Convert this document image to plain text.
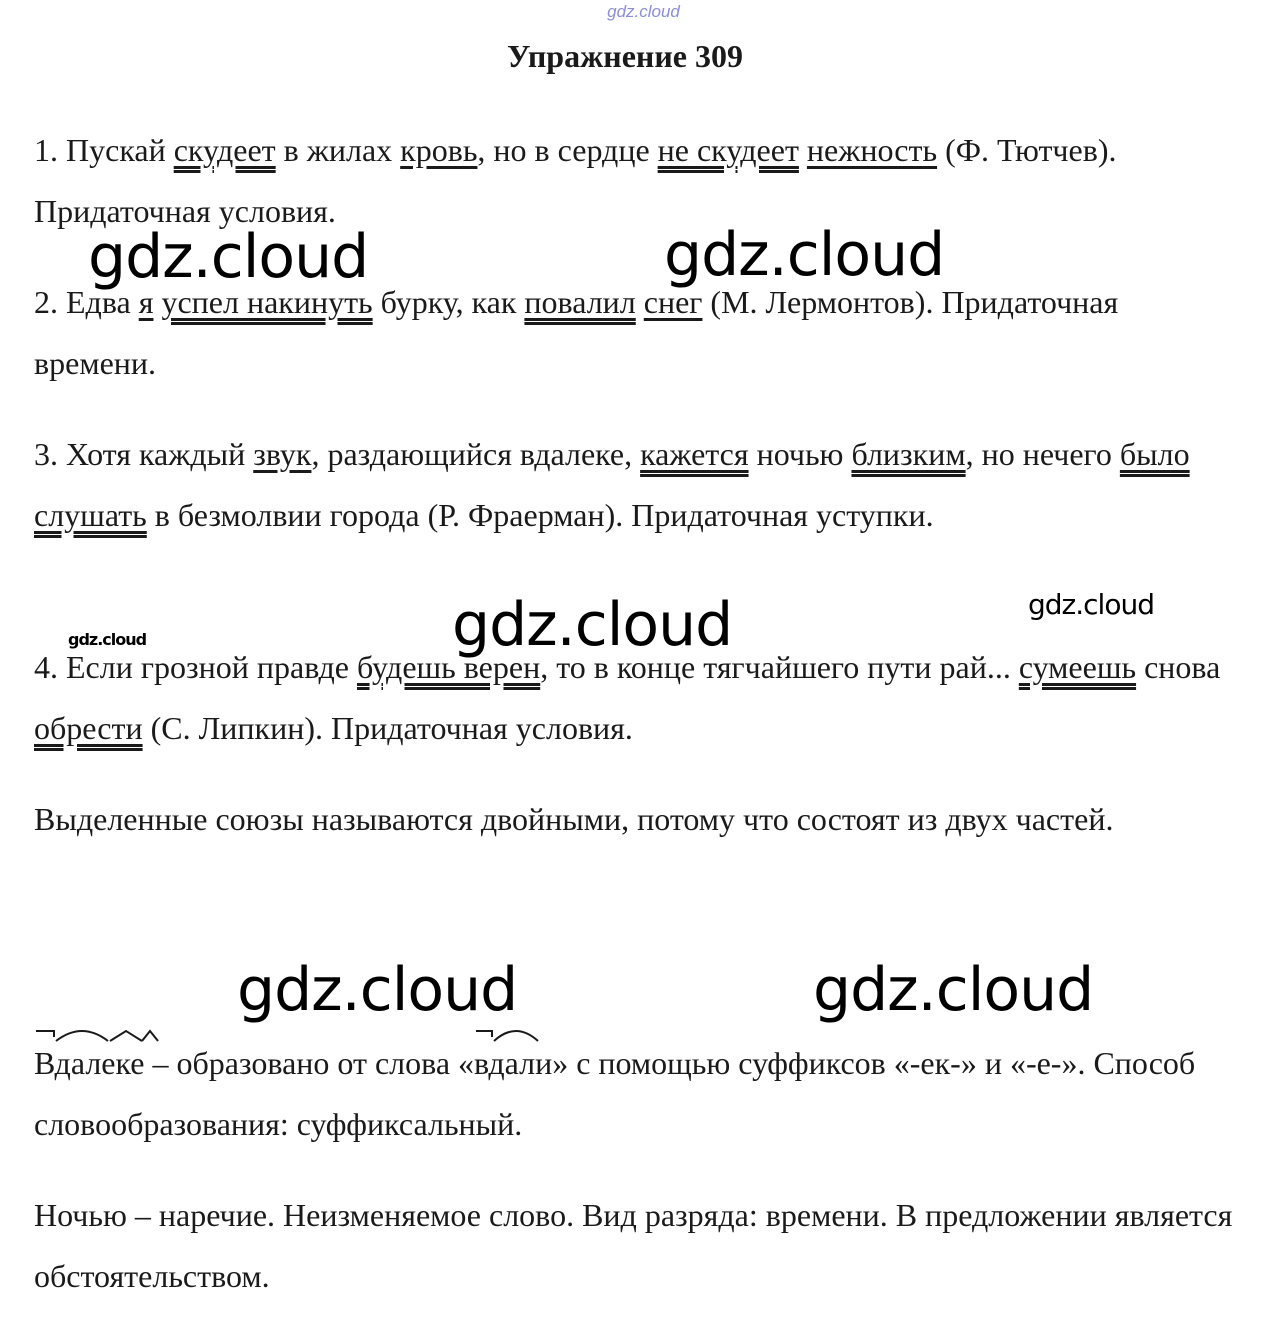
gdz.cloud
Упражнение 309

1. Пускай скудеет в жилах кровь, но в сердце не скудеет нежность (Ф. Тютчев). Придаточная условия.

2. Едва я успел накинуть бурку, как повалил снег (М. Лермонтов). Придаточная времени.

3. Хотя каждый звук, раздающийся вдалеке, кажется ночью близким, но нечего было слушать в безмолвии города (Р. Фраерман). Придаточная уступки.

4. Если грозной правде будешь верен, то в конце тягчайшего пути рай... сумеешь снова обрести (С. Липкин). Придаточная условия.

Выделенные союзы называются двойными, потому что состоят из двух частей.

Вдалеке – образовано от слова «
вдали» с помощью суффиксов «-ек-» и «-е-». Способ словообразования: суффиксальный.

Ночью – наречие. Неизменяемое слово. Вид разряда: времени. В предложении является обстоятельством.

gdz.cloud	gdz.cloud
gdz.cloud	gdz.cloud
gdz.cloud
gdz.cloud	gdz.cloud
